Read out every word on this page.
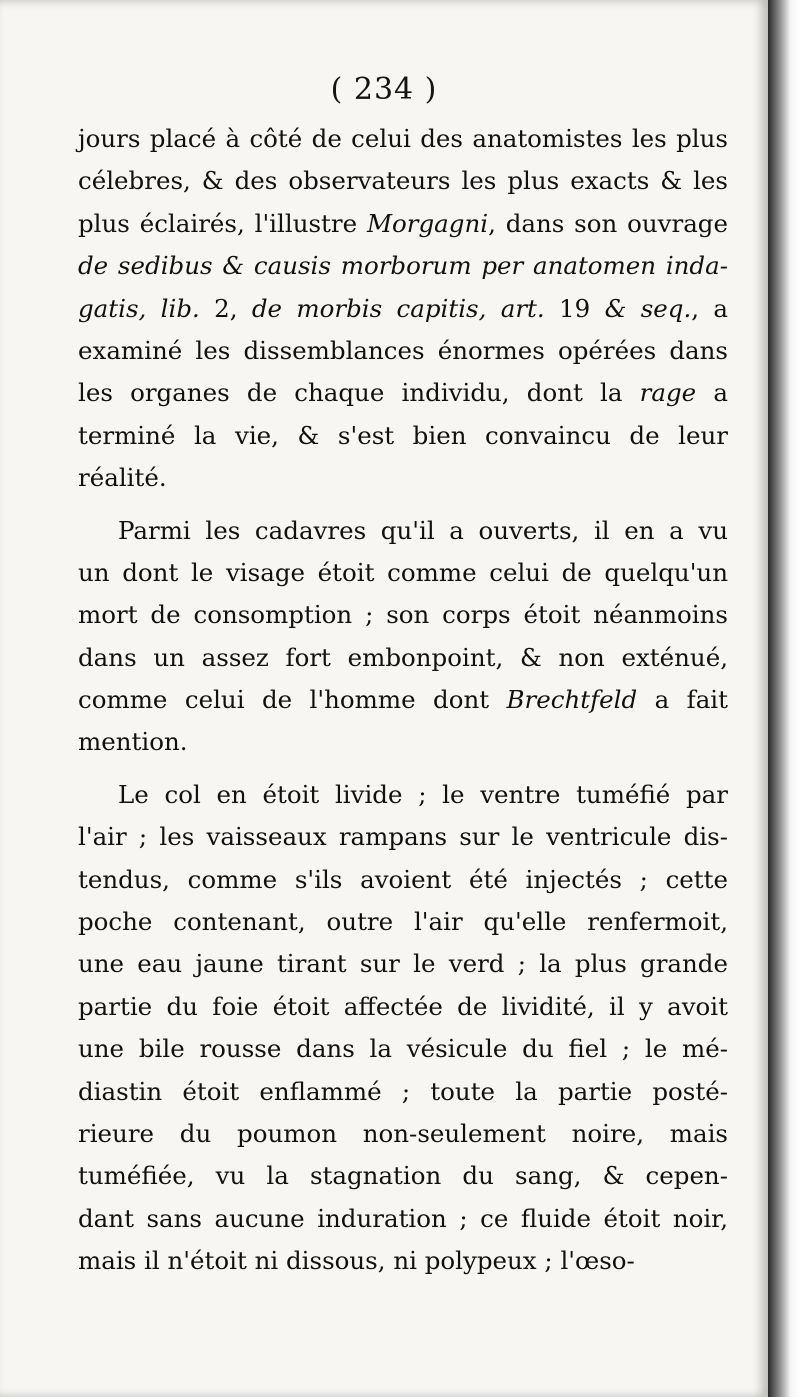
( 234 )
jours placé à côté de celui des anatomistes les plus
célebres, & des observateurs les plus exacts & les
plus éclairés, l'illustre Morgagni, dans son ouvrage
de sedibus & causis morborum per anatomen inda-
gatis, lib. 2, de morbis capitis, art. 19 & seq., a
examiné les dissemblances énormes opérées dans
les organes de chaque individu, dont la rage a
terminé la vie, & s'est bien convaincu de leur
réalité.
Parmi les cadavres qu'il a ouverts, il en a vu
un dont le visage étoit comme celui de quelqu'un
mort de consomption ; son corps étoit néanmoins
dans un assez fort embonpoint, & non exténué,
comme celui de l'homme dont Brechtfeld a fait
mention.
Le col en étoit livide ; le ventre tuméfié par
l'air ; les vaisseaux rampans sur le ventricule dis-
tendus, comme s'ils avoient été injectés ; cette
poche contenant, outre l'air qu'elle renfermoit,
une eau jaune tirant sur le verd ; la plus grande
partie du foie étoit affectée de lividité, il y avoit
une bile rousse dans la vésicule du fiel ; le mé-
diastin étoit enflammé ; toute la partie posté-
rieure du poumon non-seulement noire, mais
tuméfiée, vu la stagnation du sang, & cepen-
dant sans aucune induration ; ce fluide étoit noir,
mais il n'étoit ni dissous, ni polypeux ; l'œso-
